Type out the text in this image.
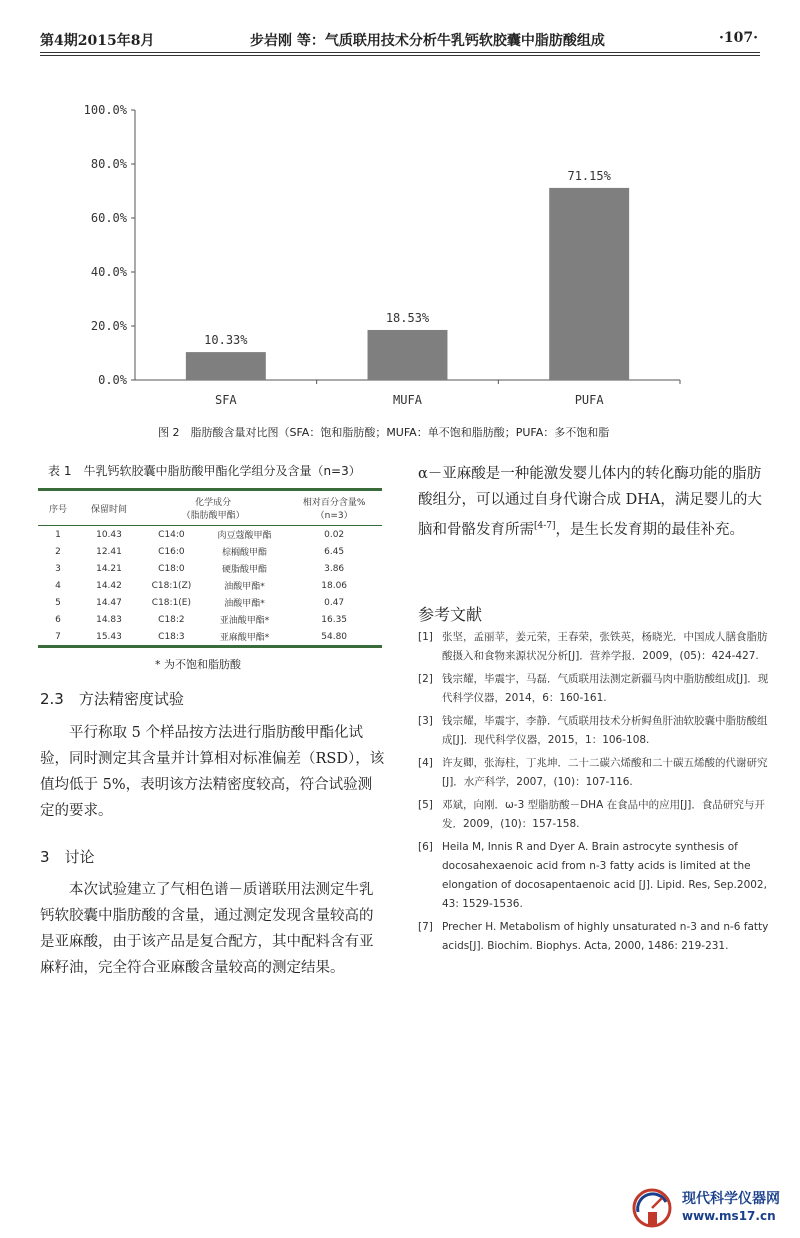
第4期2015年8月	步岩刚 等：气质联用技术分析牛乳钙软胶囊中脂肪酸组成	·107·
0.0%
20.0%
40.0%
60.0%
80.0%
100.0%
10.33%
SFA
18.53%
MUFA
71.15%
PUFA
图 2　脂肪酸含量对比图（SFA：饱和脂肪酸；MUFA：单不饱和脂肪酸；PUFA：多不饱和脂
表 1　牛乳钙软胶囊中脂肪酸甲酯化学组分及含量（n=3）
序号	保留时间	化学成分
（脂肪酸甲酯）		相对百分含量%
（n=3）
1	10.43	C14:0	肉豆蔻酸甲酯	0.02
2	12.41	C16:0	棕榈酸甲酯	6.45
3	14.21	C18:0	硬脂酸甲酯	3.86
4	14.42	C18:1(Z)	油酸甲酯*	18.06
5	14.47	C18:1(E)	油酸甲酯*	0.47
6	14.83	C18:2	亚油酸甲酯*	16.35
7	15.43	C18:3	亚麻酸甲酯*	54.80
* 为不饱和脂肪酸
2.3　方法精密度试验
平行称取 5 个样品按方法进行脂肪酸甲酯化试验，同时测定其含量并计算相对标准偏差（RSD），该值均低于 5%，表明该方法精密度较高，符合试验测定的要求。
3　讨论
本次试验建立了气相色谱－质谱联用法测定牛乳钙软胶囊中脂肪酸的含量，通过测定发现含量较高的是亚麻酸，由于该产品是复合配方，其中配料含有亚麻籽油，完全符合亚麻酸含量较高的测定结果。
α－亚麻酸是一种能激发婴儿体内的转化酶功能的脂肪酸组分，可以通过自身代谢合成 DHA，满足婴儿的大脑和骨骼发育所需[4-7]，是生长发育期的最佳补充。
参考文献
[1] 张坚，孟丽苹，姜元荣，王春荣，张铁英，杨晓光．中国成人膳食脂肪酸摄入和食物来源状况分析[J]．营养学报．2009，(05)：424-427.
[2] 钱宗耀，毕震宇，马磊．气质联用法测定新疆马肉中脂肪酸组成[J]．现代科学仪器，2014，6：160-161.
[3] 钱宗耀，毕震宇，李静．气质联用技术分析鲟鱼肝油软胶囊中脂肪酸组成[J]．现代科学仪器，2015，1：106-108.
[4] 许友卿，张海柱，丁兆坤．二十二碳六烯酸和二十碳五烯酸的代谢研究[J]．水产科学，2007，(10)：107-116.
[5] 邓斌，向刚．ω-3 型脂肪酸－DHA 在食品中的应用[J]．食品研究与开发．2009，(10)：157-158.
[6] Heila M, Innis R and Dyer A. Brain astrocyte synthesis of docosahexaenoic acid from n-3 fatty acids is limited at the elongation of docosapentaenoic acid [J]. Lipid. Res, Sep.2002, 43: 1529-1536.
[7] Precher H. Metabolism of highly unsaturated n-3 and n-6 fatty acids[J]. Biochim. Biophys. Acta, 2000, 1486: 219-231.
现代科学仪器网
www.ms17.cn
